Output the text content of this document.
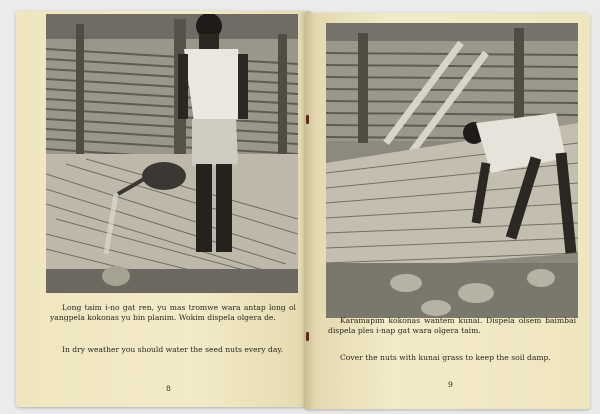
Long taim i-no gat ren, yu mas tromwe wara antap long ol yangpela kokonas yu bin planim. Wokim dispela olgera de.

In dry weather you should water the seed nuts every day.

8

Karamapim kokonas wantem kunai. Dispela olsem baimbai dispela ples i-nap gat wara olgera taim.

Cover the nuts with kunai grass to keep the soil damp.

9
